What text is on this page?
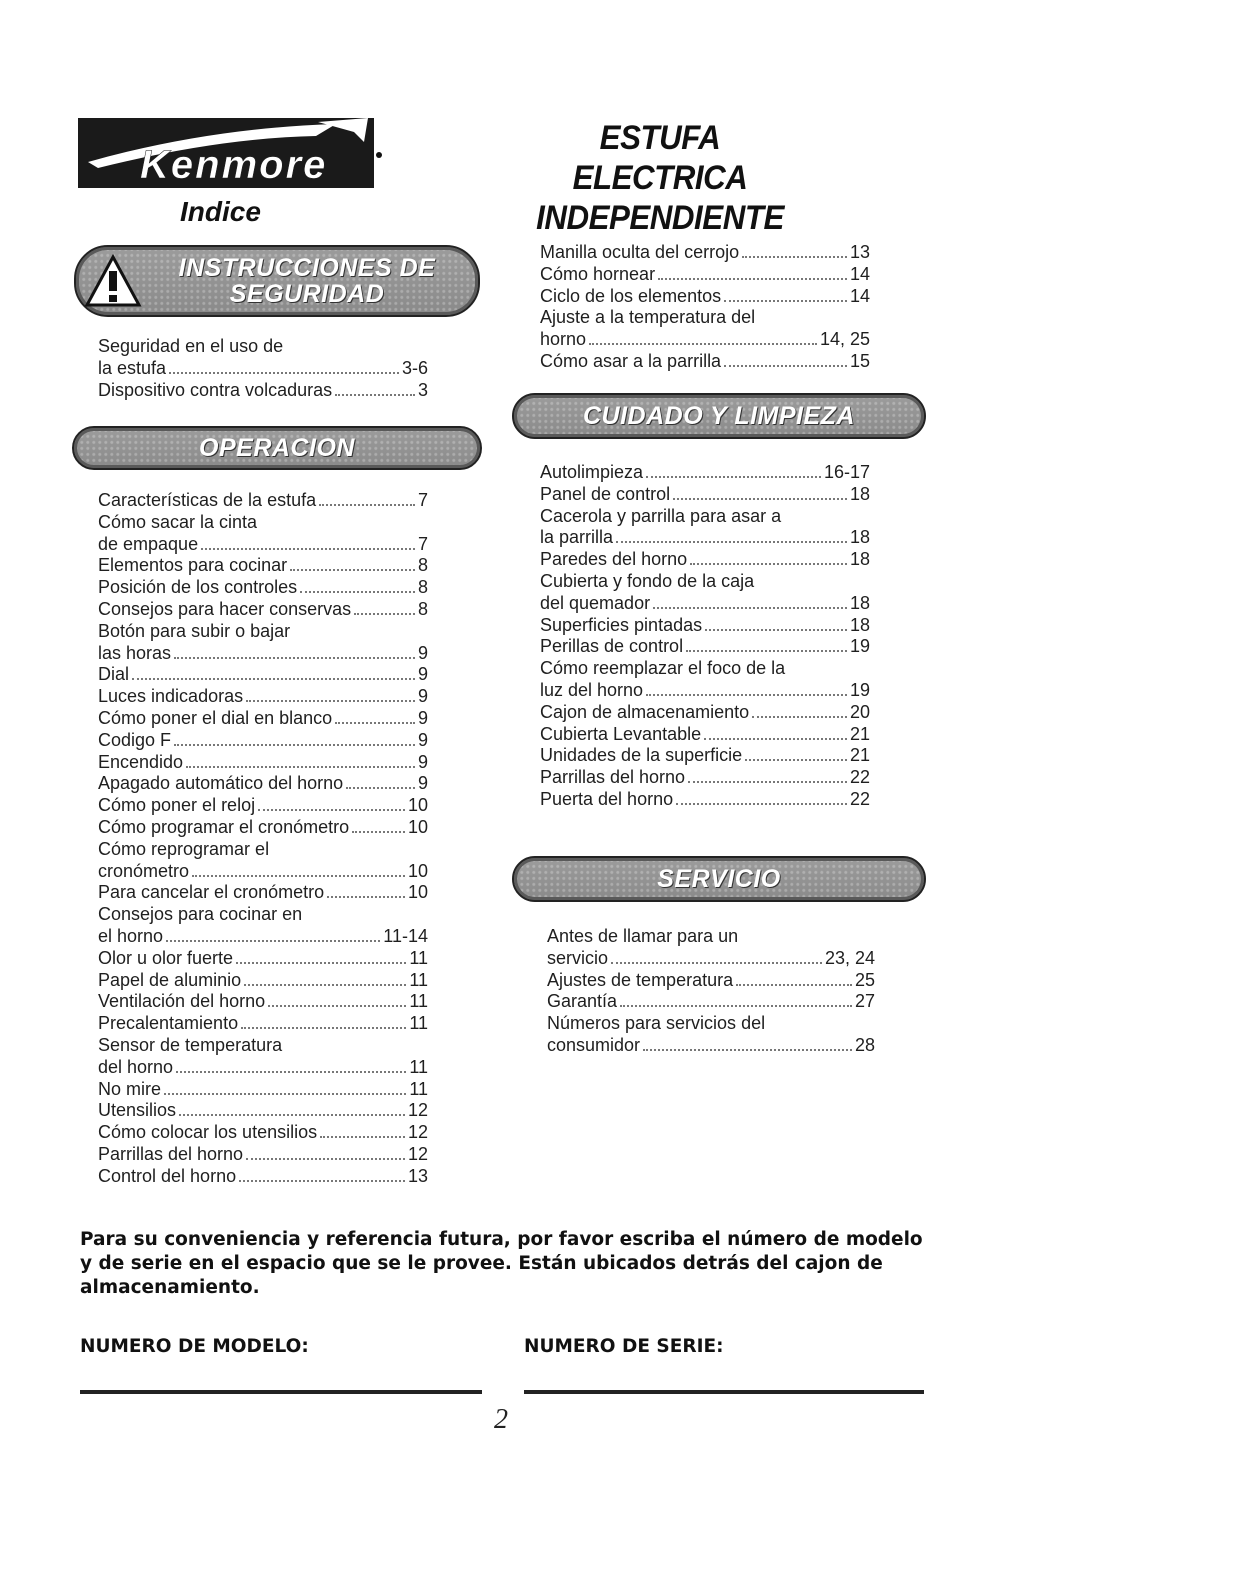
Kenmore
ESTUFA
ELECTRICA INDEPENDIENTE
Indice
INSTRUCCIONES DE
SEGURIDAD
Seguridad en el uso de
la estufa	3-6
Dispositivo contra volcaduras	3
OPERACION
Características de la estufa	7
Cómo sacar la cinta
de empaque	7
Elementos para cocinar	8
Posición de los controles	8
Consejos para hacer conservas	8
Botón para subir o bajar
las horas	9
Dial	9
Luces indicadoras	9
Cómo poner el dial en blanco	9
Codigo F	9
Encendido	9
Apagado automático del horno	9
Cómo poner el reloj	10
Cómo programar el cronómetro	10
Cómo reprogramar el
cronómetro	10
Para cancelar el cronómetro	10
Consejos para cocinar en
el horno	11-14
Olor u olor fuerte	11
Papel de aluminio	11
Ventilación del horno	11
Precalentamiento	11
Sensor de temperatura
del horno	11
No mire	11
Utensilios	12
Cómo colocar los utensilios	12
Parrillas del horno	12
Control del horno	13
Manilla oculta del cerrojo	13
Cómo hornear	14
Ciclo de los elementos	14
Ajuste a la temperatura del
horno	14, 25
Cómo asar a la parrilla	15
CUIDADO Y LIMPIEZA
Autolimpieza	16-17
Panel de control	18
Cacerola y parrilla para asar a
la parrilla	18
Paredes del horno	18
Cubierta y fondo de la caja
del quemador	18
Superficies pintadas	18
Perillas de control	19
Cómo reemplazar el foco de la
luz del horno	19
Cajon de almacenamiento	20
Cubierta Levantable	21
Unidades de la superficie	21
Parrillas del horno	22
Puerta del horno	22
SERVICIO
Antes de llamar para un
servicio	23, 24
Ajustes de temperatura	25
Garantía	27
Números para servicios del
consumidor	28
Para su conveniencia y referencia futura, por favor escriba el número de modelo y de serie en el espacio que se le provee. Están ubicados detrás del cajon de almacenamiento.
NUMERO DE MODELO:	NUMERO DE SERIE:
2
